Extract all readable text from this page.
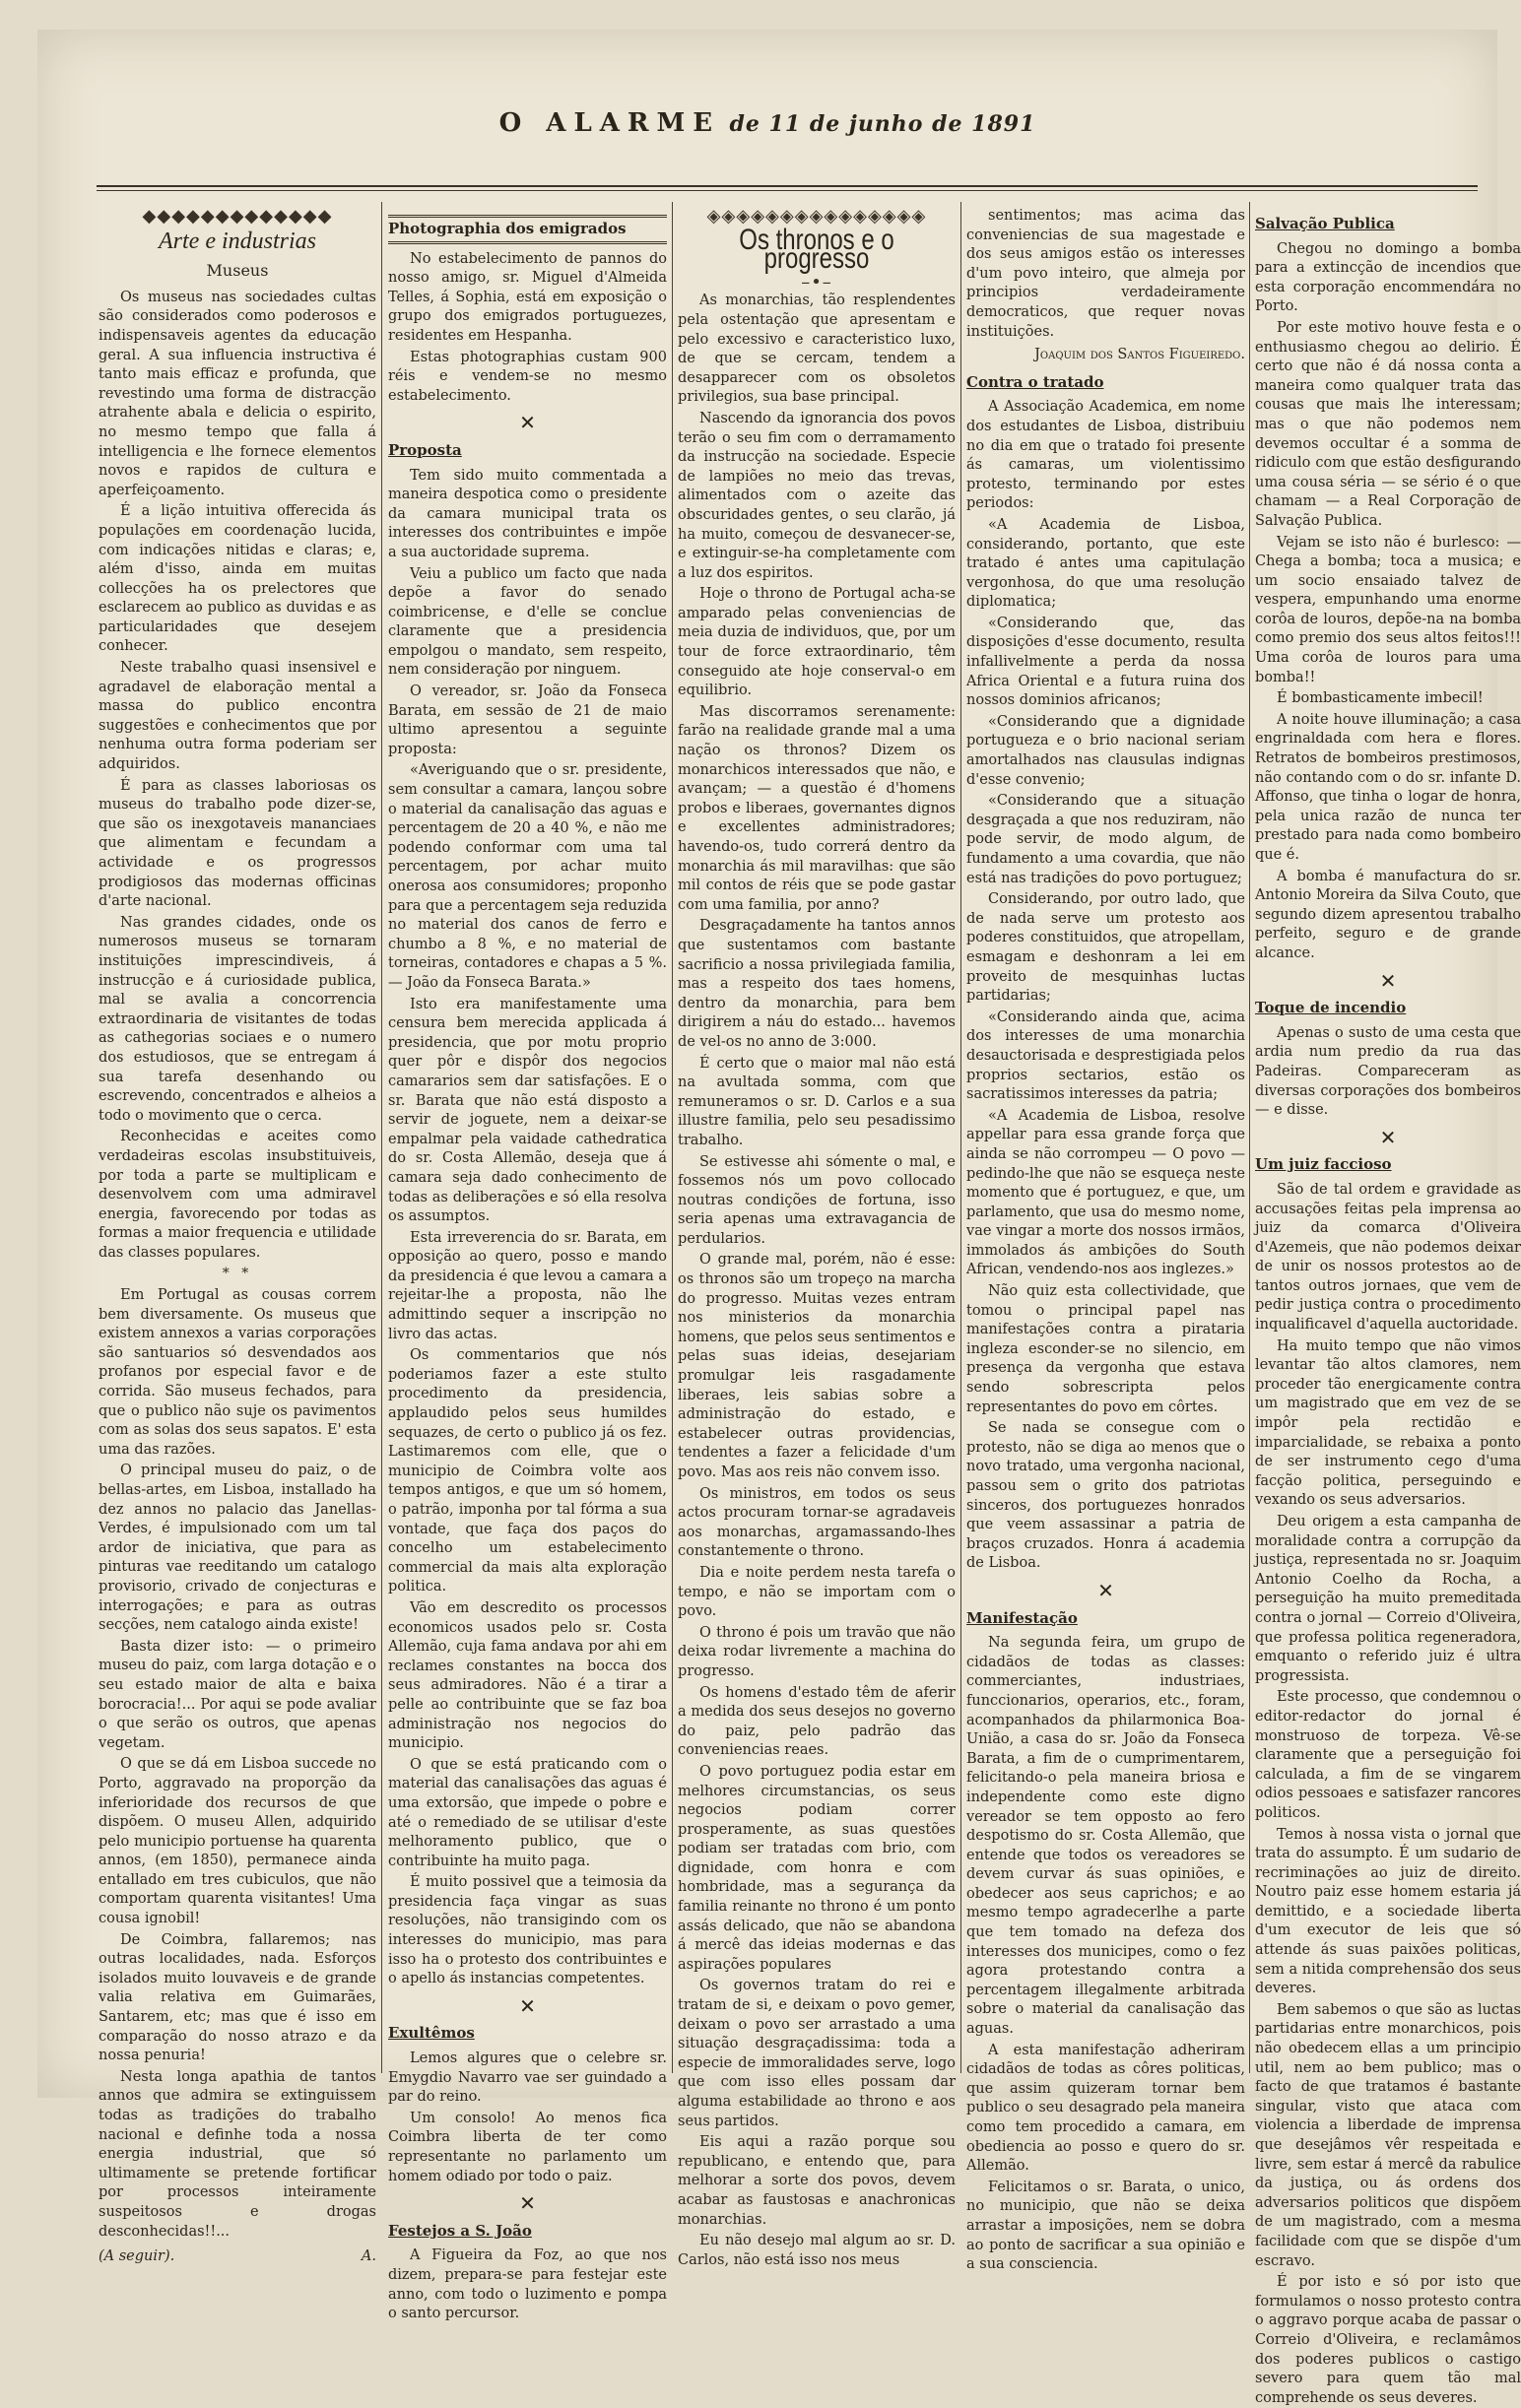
O ALARME de 11 de junho de 1891
◆◆◆◆◆◆◆◆◆◆◆◆◆
Arte e industrias
Museus

Os museus nas sociedades cultas são considerados como poderosos e indispensaveis agentes da educação geral. A sua influencia instructiva é tanto mais efficaz e profunda, que revestindo uma forma de distracção atrahente abala e delicia o espirito, no mesmo tempo que falla á intelligencia e lhe fornece elementos novos e rapidos de cultura e aperfeiçoamento.

É a lição intuitiva offerecida ás populações em coordenação lucida, com indicações nitidas e claras; e, além d'isso, ainda em muitas collecções ha os prelectores que esclarecem ao publico as duvidas e as particularidades que desejem conhecer.

Neste trabalho quasi insensivel e agradavel de elaboração mental a massa do publico encontra suggestões e conhecimentos que por nenhuma outra forma poderiam ser adquiridos.

É para as classes laboriosas os museus do trabalho pode dizer-se, que são os inexgotaveis mananciaes que alimentam e fecundam a actividade e os progressos prodigiosos das modernas officinas d'arte nacional.

Nas grandes cidades, onde os numerosos museus se tornaram instituições imprescindiveis, á instrucção e á curiosidade publica, mal se avalia a concorrencia extraordinaria de visitantes de todas as cathegorias sociaes e o numero dos estudiosos, que se entregam á sua tarefa desenhando ou escrevendo, concentrados e alheios a todo o movimento que o cerca.

Reconhecidas e aceites como verdadeiras escolas insubstituiveis, por toda a parte se multiplicam e desenvolvem com uma admiravel energia, favorecendo por todas as formas a maior frequencia e utilidade das classes populares.

* *

Em Portugal as cousas correm bem diversamente. Os museus que existem annexos a varias corporações são santuarios só desvendados aos profanos por especial favor e de corrida. São museus fechados, para que o publico não suje os pavimentos com as solas dos seus sapatos. E' esta uma das razões.

O principal museu do paiz, o de bellas-artes, em Lisboa, installado ha dez annos no palacio das Janellas-Verdes, é impulsionado com um tal ardor de iniciativa, que para as pinturas vae reeditando um catalogo provisorio, crivado de conjecturas e interrogações; e para as outras secções, nem catalogo ainda existe!

Basta dizer isto: — o primeiro museu do paiz, com larga dotação e o seu estado maior de alta e baixa borocracia!... Por aqui se pode avaliar o que serão os outros, que apenas vegetam.

O que se dá em Lisboa succede no Porto, aggravado na proporção da inferioridade dos recursos de que dispõem. O museu Allen, adquirido pelo municipio portuense ha quarenta annos, (em 1850), permanece ainda entallado em tres cubiculos, que não comportam quarenta visitantes! Uma cousa ignobil!

De Coimbra, fallaremos; nas outras localidades, nada. Esforços isolados muito louvaveis e de grande valia relativa em Guimarães, Santarem, etc; mas que é isso em comparação do nosso atrazo e da nossa penuria!

Nesta longa apathia de tantos annos que admira se extinguissem todas as tradições do trabalho nacional e definhe toda a nossa energia industrial, que só ultimamente se pretende fortificar por processos inteiramente suspeitosos e drogas desconhecidas!!...

(A seguir).	A.
Photographia dos emigrados

No estabelecimento de pannos do nosso amigo, sr. Miguel d'Almeida Telles, á Sophia, está em exposição o grupo dos emigrados portuguezes, residentes em Hespanha.

Estas photographias custam 900 réis e vendem-se no mesmo estabelecimento.

✕
Proposta

Tem sido muito commentada a maneira despotica como o presidente da camara municipal trata os interesses dos contribuintes e impõe a sua auctoridade suprema.

Veiu a publico um facto que nada depõe a favor do senado coimbricense, e d'elle se conclue claramente que a presidencia empolgou o mandato, sem respeito, nem consideração por ninguem.

O vereador, sr. João da Fonseca Barata, em sessão de 21 de maio ultimo apresentou a seguinte proposta:

«Averiguando que o sr. presidente, sem consultar a camara, lançou sobre o material da canalisação das aguas e percentagem de 20 a 40 %, e não me podendo conformar com uma tal percentagem, por achar muito onerosa aos consumidores; proponho para que a percentagem seja reduzida no material dos canos de ferro e chumbo a 8 %, e no material de torneiras, contadores e chapas a 5 %. — João da Fonseca Barata.»

Isto era manifestamente uma censura bem merecida applicada á presidencia, que por motu proprio quer pôr e dispôr dos negocios camararios sem dar satisfações. E o sr. Barata que não está disposto a servir de joguete, nem a deixar-se empalmar pela vaidade cathedratica do sr. Costa Allemão, deseja que á camara seja dado conhecimento de todas as deliberações e só ella resolva os assumptos.

Esta irreverencia do sr. Barata, em opposição ao quero, posso e mando da presidencia é que levou a camara a rejeitar-lhe a proposta, não lhe admittindo sequer a inscripção no livro das actas.

Os commentarios que nós poderiamos fazer a este stulto procedimento da presidencia, applaudido pelos seus humildes sequazes, de certo o publico já os fez. Lastimaremos com elle, que o municipio de Coimbra volte aos tempos antigos, e que um só homem, o patrão, imponha por tal fórma a sua vontade, que faça dos paços do concelho um estabelecimento commercial da mais alta exploração politica.

Vão em descredito os processos economicos usados pelo sr. Costa Allemão, cuja fama andava por ahi em reclames constantes na bocca dos seus admiradores. Não é a tirar a pelle ao contribuinte que se faz boa administração nos negocios do municipio.

O que se está praticando com o material das canalisações das aguas é uma extorsão, que impede o pobre e até o remediado de se utilisar d'este melhoramento publico, que o contribuinte ha muito paga.

É muito possivel que a teimosia da presidencia faça vingar as suas resoluções, não transigindo com os interesses do municipio, mas para isso ha o protesto dos contribuintes e o apello ás instancias competentes.

✕
Exultêmos

Lemos algures que o celebre sr. Emygdio Navarro vae ser guindado a par do reino.

Um consolo! Ao menos fica Coimbra liberta de ter como representante no parlamento um homem odiado por todo o paiz.

✕
Festejos a S. João

A Figueira da Foz, ao que nos dizem, prepara-se para festejar este anno, com todo o luzimento e pompa o santo percursor.

◈◈◈◈◈◈◈◈◈◈◈◈◈◈◈
Os thronos e o progresso
–•–

As monarchias, tão resplendentes pela ostentação que apresentam e pelo excessivo e caracteristico luxo, de que se cercam, tendem a desapparecer com os obsoletos privilegios, sua base principal.

Nascendo da ignorancia dos povos terão o seu fim com o derramamento da instrucção na sociedade. Especie de lampiões no meio das trevas, alimentados com o azeite das obscuridades gentes, o seu clarão, já ha muito, começou de desvanecer-se, e extinguir-se-ha completamente com a luz dos espiritos.

Hoje o throno de Portugal acha-se amparado pelas conveniencias de meia duzia de individuos, que, por um tour de force extraordinario, têm conseguido ate hoje conserval-o em equilibrio.

Mas discorramos serenamente: farão na realidade grande mal a uma nação os thronos? Dizem os monarchicos interessados que não, e avançam; — a questão é d'homens probos e liberaes, governantes dignos e excellentes administradores; havendo-os, tudo correrá dentro da monarchia ás mil maravilhas: que são mil contos de réis que se pode gastar com uma familia, por anno?

Desgraçadamente ha tantos annos que sustentamos com bastante sacrificio a nossa privilegiada familia, mas a respeito dos taes homens, dentro da monarchia, para bem dirigirem a náu do estado... havemos de vel-os no anno de 3:000.

É certo que o maior mal não está na avultada somma, com que remuneramos o sr. D. Carlos e a sua illustre familia, pelo seu pesadissimo trabalho.

Se estivesse ahi sómente o mal, e fossemos nós um povo collocado noutras condições de fortuna, isso seria apenas uma extravagancia de perdularios.

O grande mal, porém, não é esse: os thronos são um tropeço na marcha do progresso. Muitas vezes entram nos ministerios da monarchia homens, que pelos seus sentimentos e pelas suas ideias, desejariam promulgar leis rasgadamente liberaes, leis sabias sobre a administração do estado, e estabelecer outras providencias, tendentes a fazer a felicidade d'um povo. Mas aos reis não convem isso.

Os ministros, em todos os seus actos procuram tornar-se agradaveis aos monarchas, argamassando-lhes constantemente o throno.

Dia e noite perdem nesta tarefa o tempo, e não se importam com o povo.

O throno é pois um travão que não deixa rodar livremente a machina do progresso.

Os homens d'estado têm de aferir a medida dos seus desejos no governo do paiz, pelo padrão das conveniencias reaes.

O povo portuguez podia estar em melhores circumstancias, os seus negocios podiam correr prosperamente, as suas questões podiam ser tratadas com brio, com dignidade, com honra e com hombridade, mas a segurança da familia reinante no throno é um ponto assás delicado, que não se abandona á mercê das ideias modernas e das aspirações populares

Os governos tratam do rei e tratam de si, e deixam o povo gemer, deixam o povo ser arrastado a uma situação desgraçadissima: toda a especie de immoralidades serve, logo que com isso elles possam dar alguma estabilidade ao throno e aos seus partidos.

Eis aqui a razão porque sou republicano, e entendo que, para melhorar a sorte dos povos, devem acabar as faustosas e anachronicas monarchias.

Eu não desejo mal algum ao sr. D. Carlos, não está isso nos meus

sentimentos; mas acima das conveniencias de sua magestade e dos seus amigos estão os interesses d'um povo inteiro, que almeja por principios verdadeiramente democraticos, que requer novas instituições.

Joaquim dos Santos Figueiredo.
Contra o tratado

A Associação Academica, em nome dos estudantes de Lisboa, distribuiu no dia em que o tratado foi presente ás camaras, um violentissimo protesto, terminando por estes periodos:

«A Academia de Lisboa, considerando, portanto, que este tratado é antes uma capitulação vergonhosa, do que uma resolução diplomatica;

«Considerando que, das disposições d'esse documento, resulta infallivelmente a perda da nossa Africa Oriental e a futura ruina dos nossos dominios africanos;

«Considerando que a dignidade portugueza e o brio nacional seriam amortalhados nas clausulas indignas d'esse convenio;

«Considerando que a situação desgraçada a que nos reduziram, não pode servir, de modo algum, de fundamento a uma covardia, que não está nas tradições do povo portuguez;

Considerando, por outro lado, que de nada serve um protesto aos poderes constituidos, que atropellam, esmagam e deshonram a lei em proveito de mesquinhas luctas partidarias;

«Considerando ainda que, acima dos interesses de uma monarchia desauctorisada e desprestigiada pelos proprios sectarios, estão os sacratissimos interesses da patria;

«A Academia de Lisboa, resolve appellar para essa grande força que ainda se não corrompeu — O povo — pedindo-lhe que não se esqueça neste momento que é portuguez, e que, um parlamento, que usa do mesmo nome, vae vingar a morte dos nossos irmãos, immolados ás ambições do South African, vendendo-nos aos inglezes.»

Não quiz esta collectividade, que tomou o principal papel nas manifestações contra a pirataria ingleza esconder-se no silencio, em presença da vergonha que estava sendo sobrescripta pelos representantes do povo em côrtes.

Se nada se consegue com o protesto, não se diga ao menos que o novo tratado, uma vergonha nacional, passou sem o grito dos patriotas sinceros, dos portuguezes honrados que veem assassinar a patria de braços cruzados. Honra á academia de Lisboa.

✕
Manifestação

Na segunda feira, um grupo de cidadãos de todas as classes: commerciantes, industriaes, funccionarios, operarios, etc., foram, acompanhados da philarmonica Boa-União, a casa do sr. João da Fonseca Barata, a fim de o cumprimentarem, felicitando-o pela maneira briosa e independente como este digno vereador se tem opposto ao fero despotismo do sr. Costa Allemão, que entende que todos os vereadores se devem curvar ás suas opiniões, e obedecer aos seus caprichos; e ao mesmo tempo agradecerlhe a parte que tem tomado na defeza dos interesses dos municipes, como o fez agora protestando contra a percentagem illegalmente arbitrada sobre o material da canalisação das aguas.

A esta manifestação adheriram cidadãos de todas as côres politicas, que assim quizeram tornar bem publico o seu desagrado pela maneira como tem procedido a camara, em obediencia ao posso e quero do sr. Allemão.

Felicitamos o sr. Barata, o unico, no municipio, que não se deixa arrastar a imposições, nem se dobra ao ponto de sacrificar a sua opinião e a sua consciencia.

Salvação Publica

Chegou no domingo a bomba para a extincção de incendios que esta corporação encommendára no Porto.

Por este motivo houve festa e o enthusiasmo chegou ao delirio. É certo que não é dá nossa conta a maneira como qualquer trata das cousas que mais lhe interessam; mas o que não podemos nem devemos occultar é a somma de ridiculo com que estão desfigurando uma cousa séria — se sério é o que chamam — a Real Corporação de Salvação Publica.

Vejam se isto não é burlesco: — Chega a bomba; toca a musica; e um socio ensaiado talvez de vespera, empunhando uma enorme corôa de louros, depõe-na na bomba como premio dos seus altos feitos!!! Uma corôa de louros para uma bomba!!

É bombasticamente imbecil!

A noite houve illuminação; a casa engrinaldada com hera e flores. Retratos de bombeiros prestimosos, não contando com o do sr. infante D. Affonso, que tinha o logar de honra, pela unica razão de nunca ter prestado para nada como bombeiro que é.

A bomba é manufactura do sr. Antonio Moreira da Silva Couto, que segundo dizem apresentou trabalho perfeito, seguro e de grande alcance.

✕
Toque de incendio

Apenas o susto de uma cesta que ardia num predio da rua das Padeiras. Compareceram as diversas corporações dos bombeiros — e disse.

✕
Um juiz faccioso

São de tal ordem e gravidade as accusações feitas pela imprensa ao juiz da comarca d'Oliveira d'Azemeis, que não podemos deixar de unir os nossos protestos ao de tantos outros jornaes, que vem de pedir justiça contra o procedimento inqualificavel d'aquella auctoridade.

Ha muito tempo que não vimos levantar tão altos clamores, nem proceder tão energicamente contra um magistrado que em vez de se impôr pela rectidão e imparcialidade, se rebaixa a ponto de ser instrumento cego d'uma facção politica, perseguindo e vexando os seus adversarios.

Deu origem a esta campanha de moralidade contra a corrupção da justiça, representada no sr. Joaquim Antonio Coelho da Rocha, a perseguição ha muito premeditada contra o jornal — Correio d'Oliveira, que professa politica regeneradora, emquanto o referido juiz é ultra progressista.

Este processo, que condemnou o editor-redactor do jornal é monstruoso de torpeza. Vê-se claramente que a perseguição foi calculada, a fim de se vingarem odios pessoaes e satisfazer rancores politicos.

Temos à nossa vista o jornal que trata do assumpto. É um sudario de recriminações ao juiz de direito. Noutro paiz esse homem estaria já demittido, e a sociedade liberta d'um executor de leis que só attende ás suas paixões politicas, sem a nitida comprehensão dos seus deveres.

Bem sabemos o que são as luctas partidarias entre monarchicos, pois não obedecem ellas a um principio util, nem ao bem publico; mas o facto de que tratamos é bastante singular, visto que ataca com violencia a liberdade de imprensa que desejâmos vêr respeitada e livre, sem estar á mercê da rabulice da justiça, ou ás ordens dos adversarios politicos que dispõem de um magistrado, com a mesma facilidade com que se dispõe d'um escravo.

É por isto e só por isto que formulamos o nosso protesto contra o aggravo porque acaba de passar o Correio d'Oliveira, e reclamâmos dos poderes publicos o castigo severo para quem tão mal comprehende os seus deveres.
